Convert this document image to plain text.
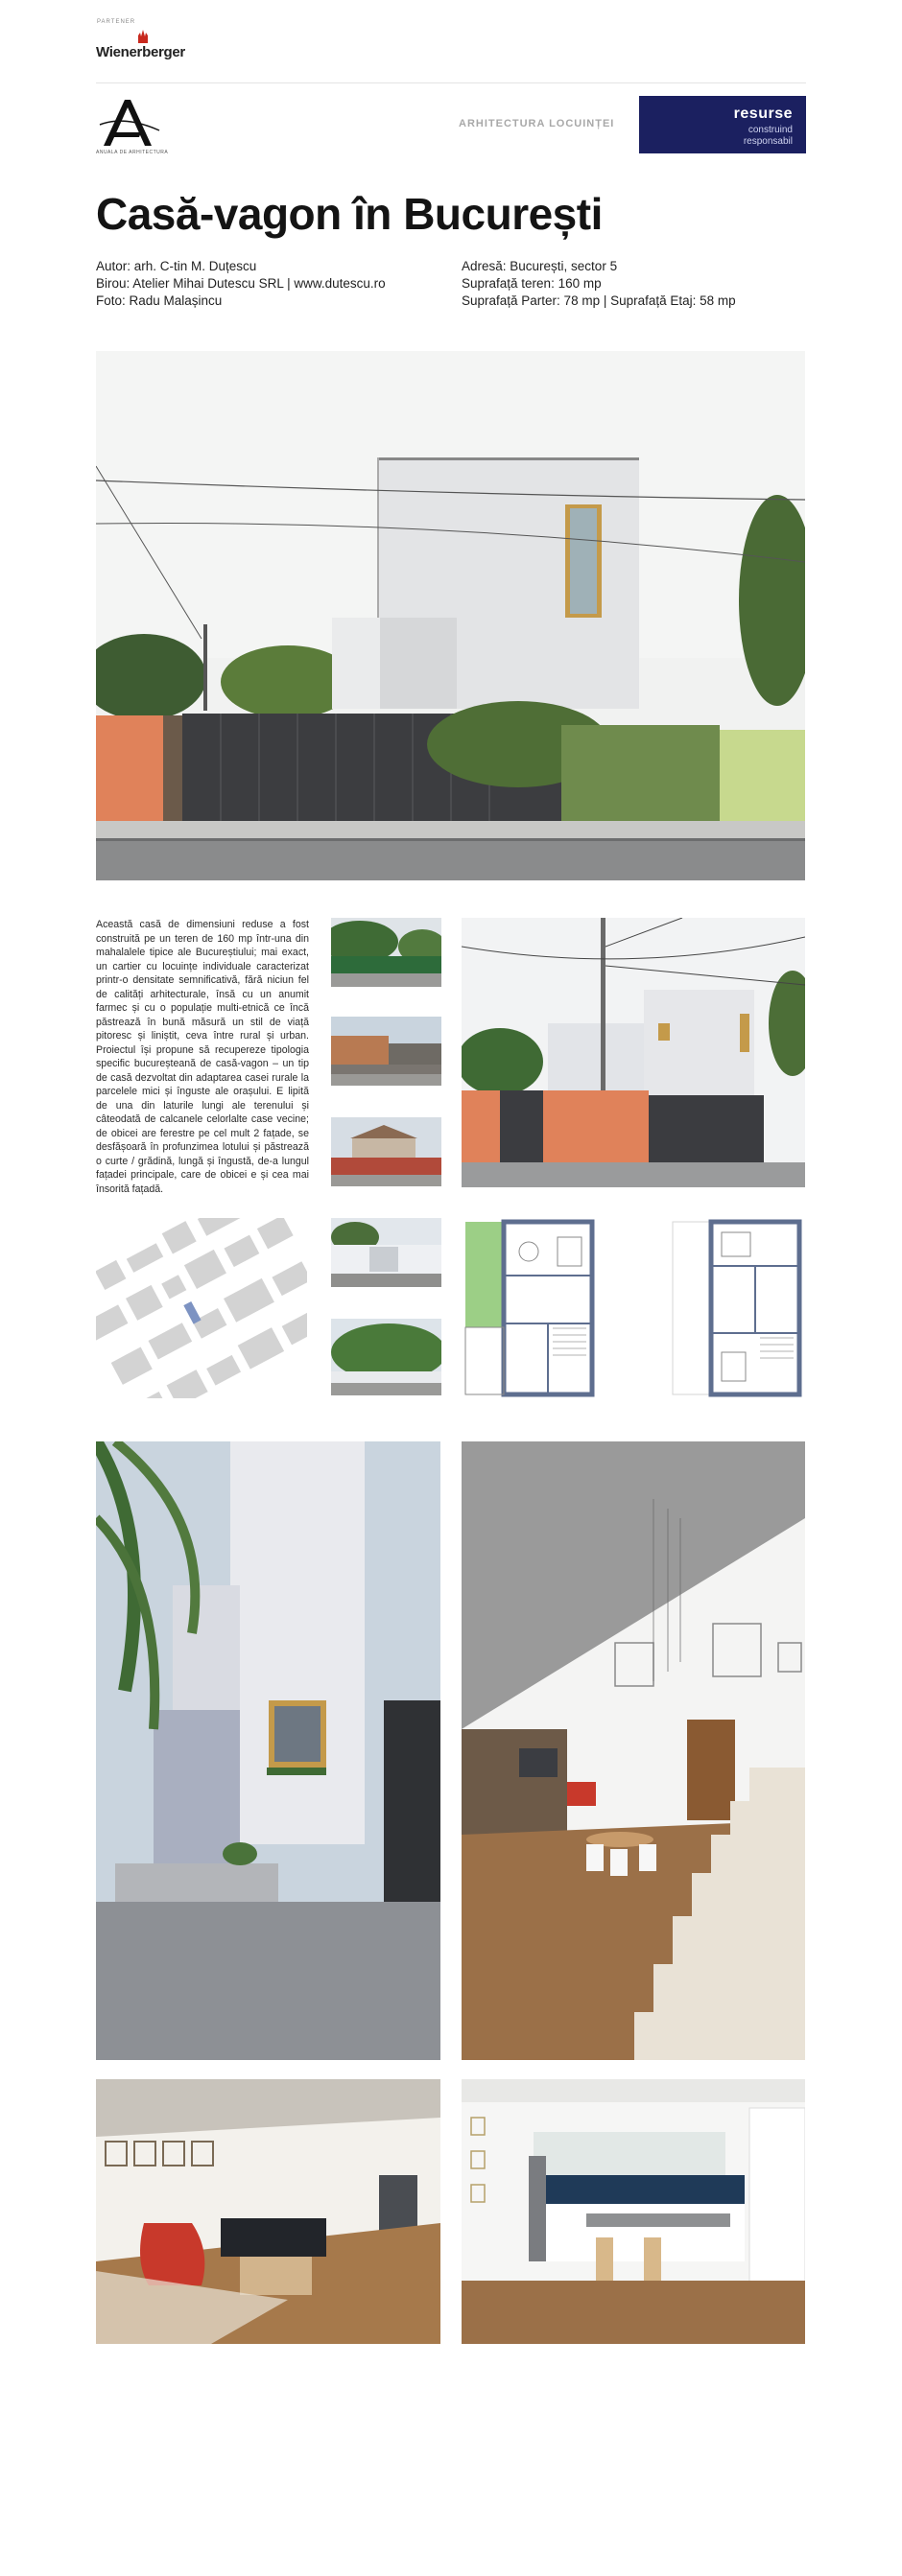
PARTENER
Wienerberger
ANUALA DE ARHITECTURA
ARHITECTURA LOCUINȚEI
resurse
construind
responsabil
Casă-vagon în București
Autor: arh. C-tin M. Duțescu
Birou: Atelier Mihai Dutescu SRL | www.dutescu.ro
Foto: Radu Malașincu
Adresă: București, sector 5
Suprafață teren: 160 mp
Suprafață Parter: 78 mp | Suprafață Etaj: 58 mp

Această casă de dimensiuni reduse a fost construită pe un teren de 160 mp într-una din mahalalele tipice ale Bucureștiului; mai exact, un cartier cu locuințe individuale caracterizat printr-o densitate semnificativă, fără niciun fel de calități arhitecturale, însă cu un anumit farmec și cu o populație multi-etnică ce încă păstrează în bună măsură un stil de viață pitoresc și liniștit, ceva între rural și urban. Proiectul își propune să recupereze tipologia specific bucureșteană de casă-vagon – un tip de casă dezvoltat din adaptarea casei rurale la parcelele mici și înguste ale orașului. E lipită de una din laturile lungi ale terenului și câteodată de calcanele celorlalte case vecine; de obicei are ferestre pe cel mult 2 fațade, se desfășoară în profunzimea lotului și păstrează o curte / grădină, lungă și îngustă, de-a lungul fațadei principale, care de obicei e și cea mai însorită fațadă.
